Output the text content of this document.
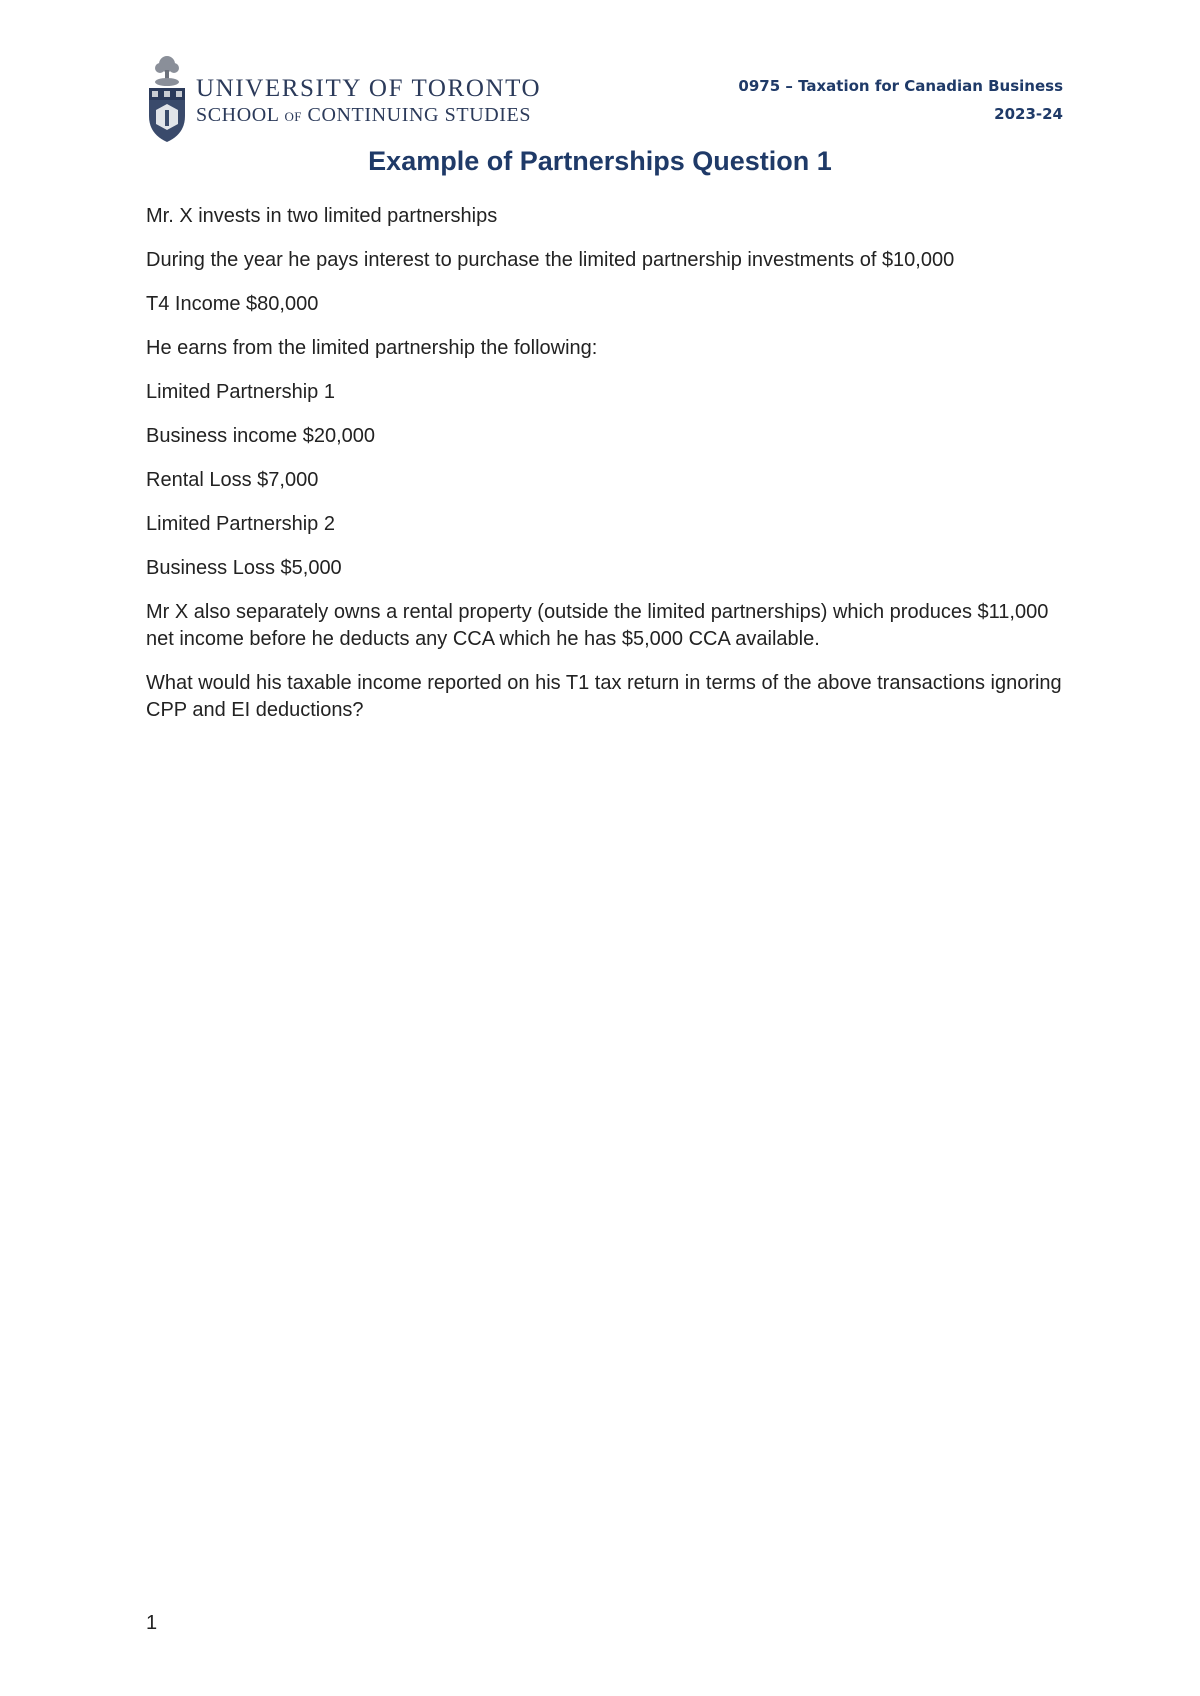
UNIVERSITY OF TORONTO
SCHOOL OF CONTINUING STUDIES
0975 – Taxation for Canadian Business
2023-24
Example of Partnerships Question 1

Mr. X invests in two limited partnerships

During the year he pays interest to purchase the limited partnership investments of $10,000

T4 Income $80,000

He earns from the limited partnership the following:

Limited Partnership 1

Business income $20,000

Rental Loss $7,000

Limited Partnership 2

Business Loss $5,000

Mr X also separately owns a rental property (outside the limited partnerships) which produces $11,000 net income before he deducts any CCA which he has $5,000 CCA available.

What would his taxable income reported on his T1 tax return in terms of the above transactions ignoring CPP and EI deductions?

1
